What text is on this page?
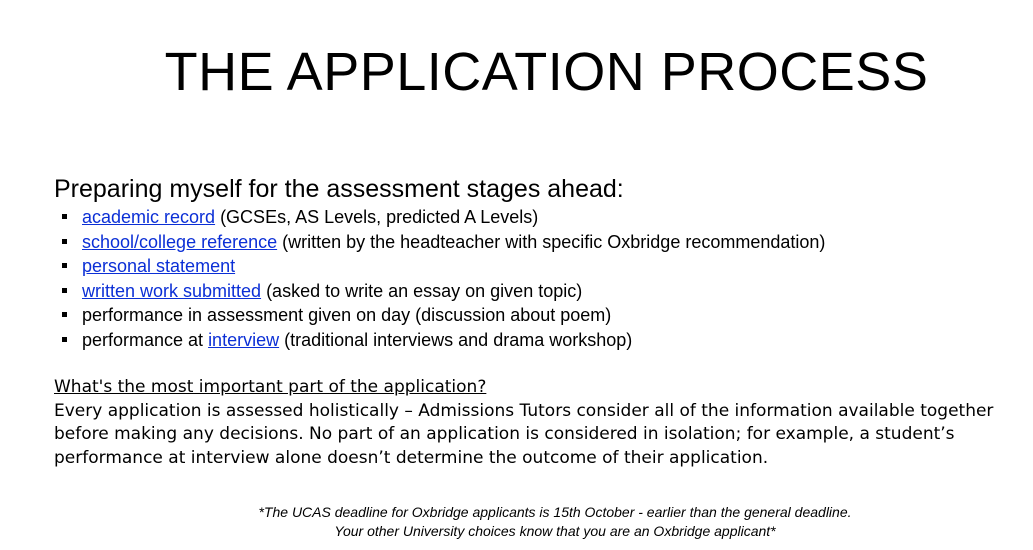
THE APPLICATION PROCESS
Preparing myself for the assessment stages ahead:
academic record (GCSEs, AS Levels, predicted A Levels)
school/college reference (written by the headteacher with specific Oxbridge recommendation)
personal statement
written work submitted (asked to write an essay on given topic)
performance in assessment given on day (discussion about poem)
performance at interview (traditional interviews and drama workshop)
What's the most important part of the application?
Every application is assessed holistically – Admissions Tutors consider all of the information available together before making any decisions. No part of an application is considered in isolation; for example, a student’s performance at interview alone doesn’t determine the outcome of their application.
*The UCAS deadline for Oxbridge applicants is 15th October - earlier than the general deadline.
Your other University choices know that you are an Oxbridge applicant*
